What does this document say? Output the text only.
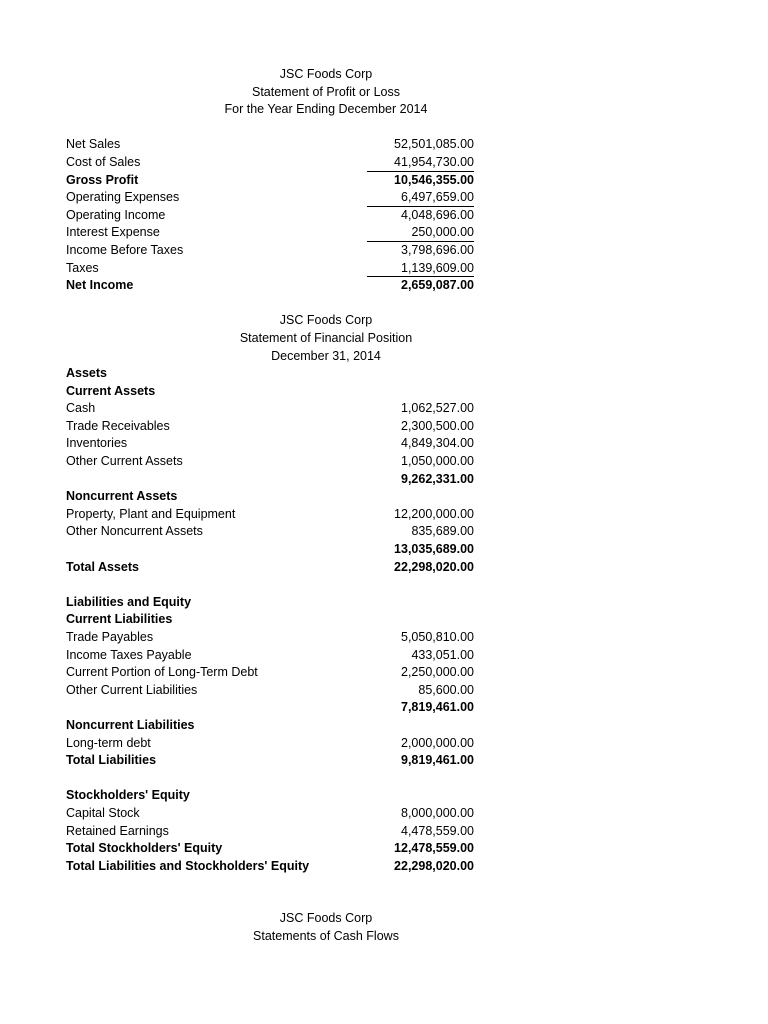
JSC Foods Corp
Statement of Profit or Loss
For the Year Ending December 2014
Net Sales	52,501,085.00
Cost of Sales	41,954,730.00
Gross Profit	10,546,355.00
Operating Expenses	6,497,659.00
Operating Income	4,048,696.00
Interest Expense	250,000.00
Income Before Taxes	3,798,696.00
Taxes	1,139,609.00
Net Income	2,659,087.00
JSC Foods Corp
Statement of Financial Position
December 31, 2014
Assets
Current Assets
Cash	1,062,527.00
Trade Receivables	2,300,500.00
Inventories	4,849,304.00
Other Current Assets	1,050,000.00
9,262,331.00
Noncurrent Assets
Property, Plant and Equipment	12,200,000.00
Other Noncurrent Assets	835,689.00
13,035,689.00
Total Assets	22,298,020.00
Liabilities and Equity
Current Liabilities
Trade Payables	5,050,810.00
Income Taxes Payable	433,051.00
Current Portion of Long-Term Debt	2,250,000.00
Other Current Liabilities	85,600.00
7,819,461.00
Noncurrent Liabilities
Long-term debt	2,000,000.00
Total Liabilities	9,819,461.00
Stockholders' Equity
Capital Stock	8,000,000.00
Retained Earnings	4,478,559.00
Total Stockholders' Equity	12,478,559.00
Total Liabilities and Stockholders' Equity	22,298,020.00
JSC Foods Corp
Statements of Cash Flows
